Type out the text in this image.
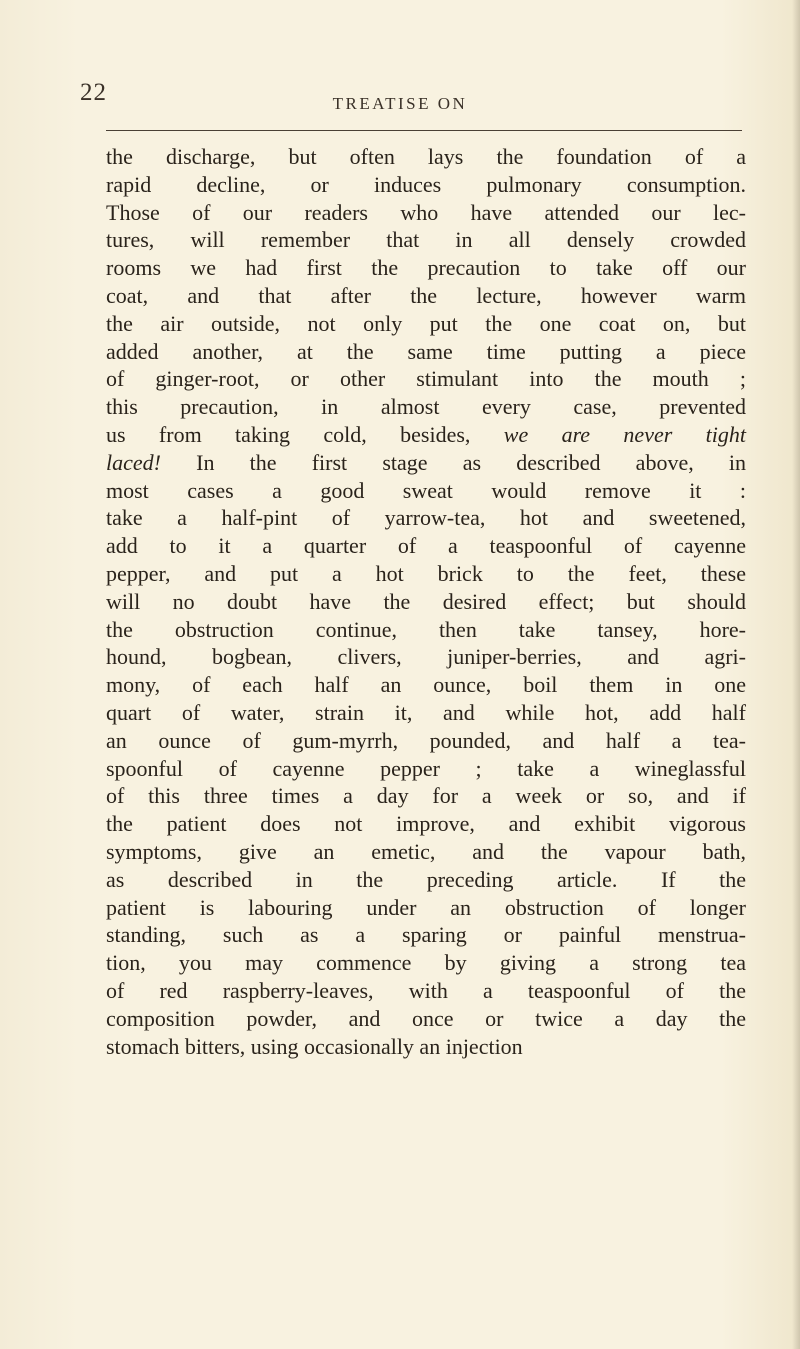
22	TREATISE ON
the discharge, but often lays the foundation of a
rapid decline, or induces pulmonary consumption.
Those of our readers who have attended our lec-
tures, will remember that in all densely crowded
rooms we had first the precaution to take off our
coat, and that after the lecture, however warm
the air outside, not only put the one coat on, but
added another, at the same time putting a piece
of ginger-root, or other stimulant into the mouth ;
this precaution, in almost every case, prevented
us from taking cold, besides, we are never tight
laced! In the first stage as described above, in
most cases a good sweat would remove it :
take a half-pint of yarrow-tea, hot and sweetened,
add to it a quarter of a teaspoonful of cayenne
pepper, and put a hot brick to the feet, these
will no doubt have the desired effect; but should
the obstruction continue, then take tansey, hore-
hound, bogbean, clivers, juniper-berries, and agri-
mony, of each half an ounce, boil them in one
quart of water, strain it, and while hot, add half
an ounce of gum-myrrh, pounded, and half a tea-
spoonful of cayenne pepper ; take a wineglassful
of this three times a day for a week or so, and if
the patient does not improve, and exhibit vigorous
symptoms, give an emetic, and the vapour bath,
as described in the preceding article. If the
patient is labouring under an obstruction of longer
standing, such as a sparing or painful menstrua-
tion, you may commence by giving a strong tea
of red raspberry-leaves, with a teaspoonful of the
composition powder, and once or twice a day the
stomach bitters, using occasionally an injection
